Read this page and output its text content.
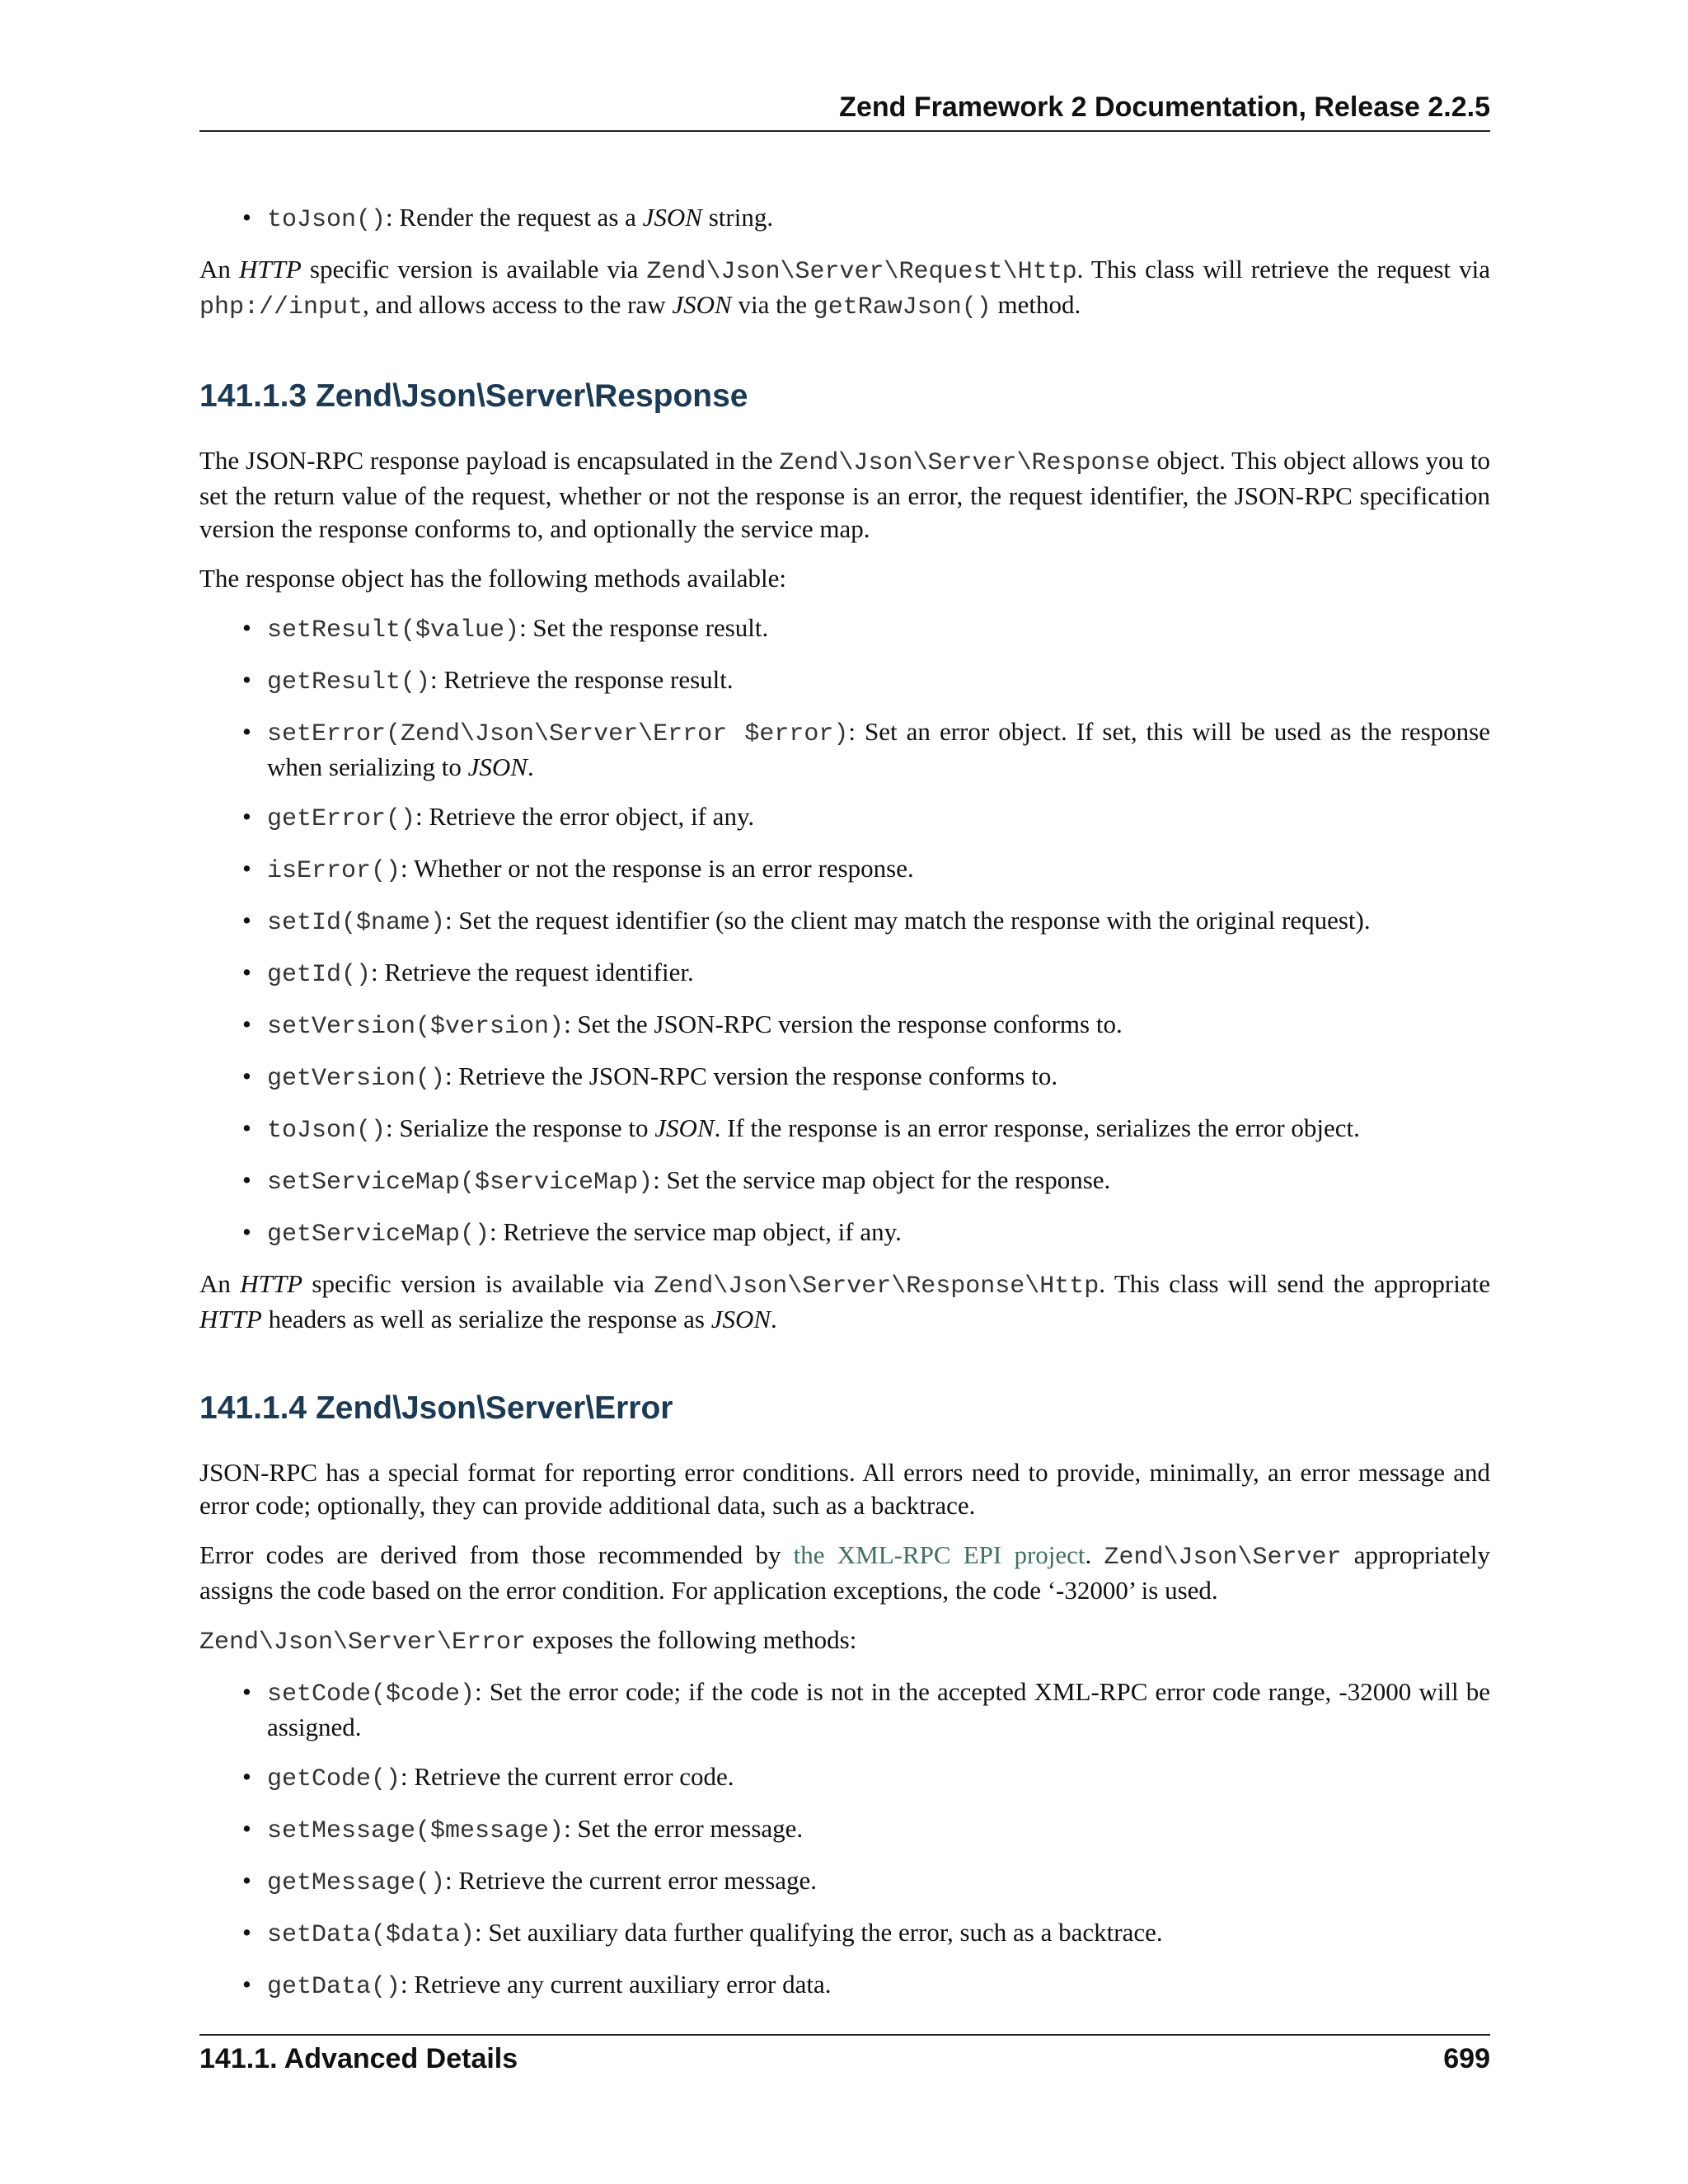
Zend Framework 2 Documentation, Release 2.2.5
• toJson(): Render the request as a JSON string.

An HTTP specific version is available via Zend\Json\Server\Request\Http. This class will retrieve the request via php://input, and allows access to the raw JSON via the getRawJson() method.

141.1.3 Zend\Json\Server\Response

The JSON-RPC response payload is encapsulated in the Zend\Json\Server\Response object. This object allows you to set the return value of the request, whether or not the response is an error, the request identifier, the JSON-RPC specification version the response conforms to, and optionally the service map.

The response object has the following methods available:

• setResult($value): Set the response result.
• getResult(): Retrieve the response result.
• setError(Zend\Json\Server\Error $error): Set an error object. If set, this will be used as the response when serializing to JSON.
• getError(): Retrieve the error object, if any.
• isError(): Whether or not the response is an error response.
• setId($name): Set the request identifier (so the client may match the response with the original request).
• getId(): Retrieve the request identifier.
• setVersion($version): Set the JSON-RPC version the response conforms to.
• getVersion(): Retrieve the JSON-RPC version the response conforms to.
• toJson(): Serialize the response to JSON. If the response is an error response, serializes the error object.
• setServiceMap($serviceMap): Set the service map object for the response.
• getServiceMap(): Retrieve the service map object, if any.

An HTTP specific version is available via Zend\Json\Server\Response\Http. This class will send the appropriate HTTP headers as well as serialize the response as JSON.

141.1.4 Zend\Json\Server\Error

JSON-RPC has a special format for reporting error conditions. All errors need to provide, minimally, an error message and error code; optionally, they can provide additional data, such as a backtrace.

Error codes are derived from those recommended by the XML-RPC EPI project. Zend\Json\Server appropriately assigns the code based on the error condition. For application exceptions, the code ‘-32000’ is used.

Zend\Json\Server\Error exposes the following methods:

• setCode($code): Set the error code; if the code is not in the accepted XML-RPC error code range, -32000 will be assigned.
• getCode(): Retrieve the current error code.
• setMessage($message): Set the error message.
• getMessage(): Retrieve the current error message.
• setData($data): Set auxiliary data further qualifying the error, such as a backtrace.
• getData(): Retrieve any current auxiliary error data.
141.1. Advanced Details	699
